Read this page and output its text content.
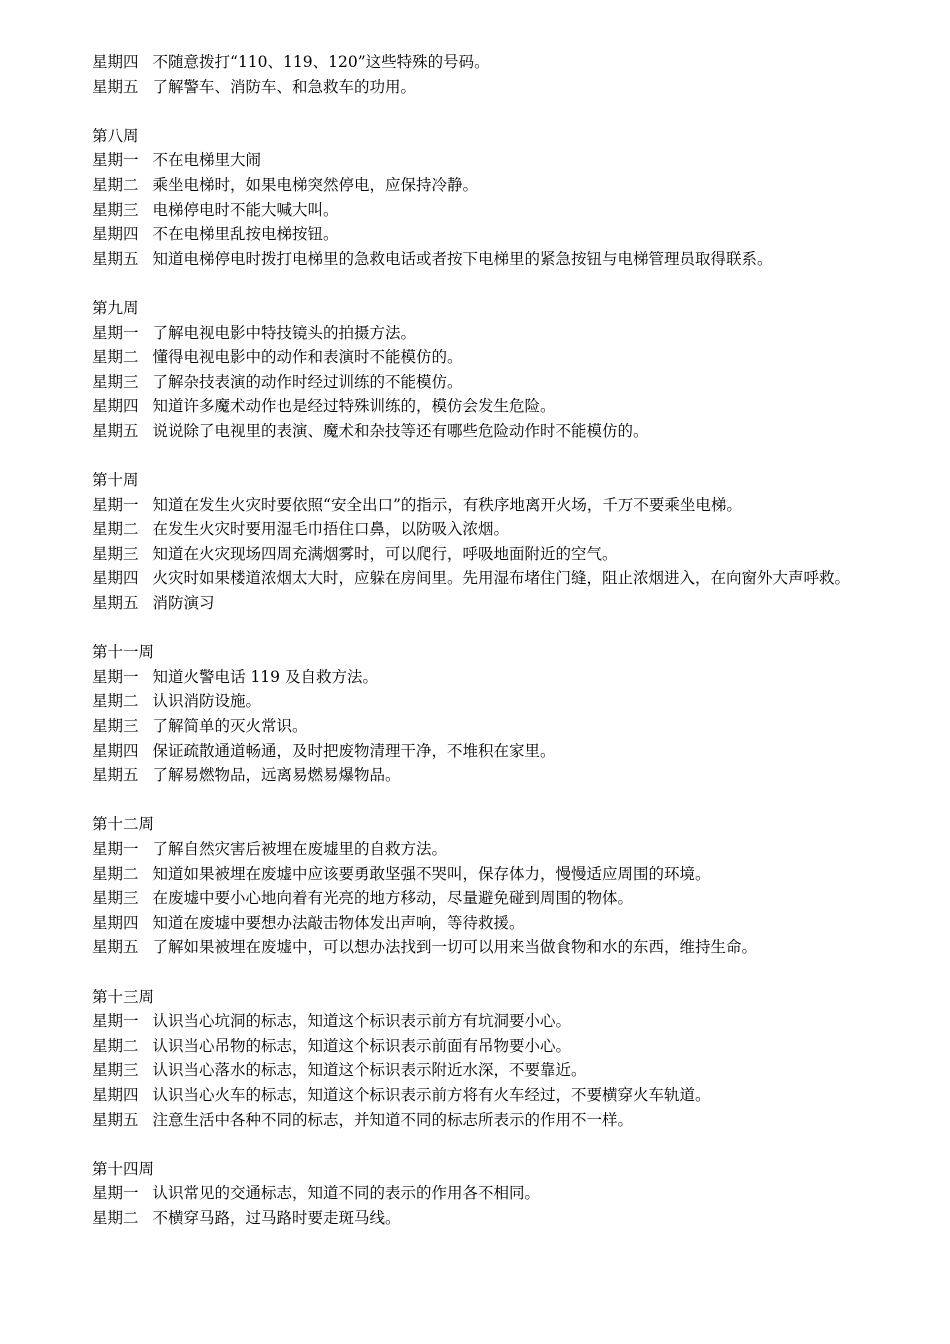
星期四 不随意拨打“110、119、120”这些特殊的号码。
星期五 了解警车、消防车、和急救车的功用。
第八周
星期一 不在电梯里大闹
星期二 乘坐电梯时，如果电梯突然停电，应保持冷静。
星期三 电梯停电时不能大喊大叫。
星期四 不在电梯里乱按电梯按钮。
星期五 知道电梯停电时拨打电梯里的急救电话或者按下电梯里的紧急按钮与电梯管理员取得联系。
第九周
星期一 了解电视电影中特技镜头的拍摄方法。
星期二 懂得电视电影中的动作和表演时不能模仿的。
星期三 了解杂技表演的动作时经过训练的不能模仿。
星期四 知道许多魔术动作也是经过特殊训练的，模仿会发生危险。
星期五 说说除了电视里的表演、魔术和杂技等还有哪些危险动作时不能模仿的。
第十周
星期一 知道在发生火灾时要依照“安全出口”的指示，有秩序地离开火场，千万不要乘坐电梯。
星期二 在发生火灾时要用湿毛巾捂住口鼻，以防吸入浓烟。
星期三 知道在火灾现场四周充满烟雾时，可以爬行，呼吸地面附近的空气。
星期四 火灾时如果楼道浓烟太大时，应躲在房间里。先用湿布堵住门缝，阻止浓烟进入，在向窗外大声呼救。
星期五 消防演习
第十一周
星期一 知道火警电话 119 及自救方法。
星期二 认识消防设施。
星期三 了解简单的灭火常识。
星期四 保证疏散通道畅通，及时把废物清理干净，不堆积在家里。
星期五 了解易燃物品，远离易燃易爆物品。
第十二周
星期一 了解自然灾害后被埋在废墟里的自救方法。
星期二 知道如果被埋在废墟中应该要勇敢坚强不哭叫，保存体力，慢慢适应周围的环境。
星期三 在废墟中要小心地向着有光亮的地方移动，尽量避免碰到周围的物体。
星期四 知道在废墟中要想办法敲击物体发出声响，等待救援。
星期五 了解如果被埋在废墟中，可以想办法找到一切可以用来当做食物和水的东西，维持生命。
第十三周
星期一 认识当心坑洞的标志，知道这个标识表示前方有坑洞要小心。
星期二 认识当心吊物的标志，知道这个标识表示前面有吊物要小心。
星期三 认识当心落水的标志，知道这个标识表示附近水深，不要靠近。
星期四 认识当心火车的标志，知道这个标识表示前方将有火车经过，不要横穿火车轨道。
星期五 注意生活中各种不同的标志，并知道不同的标志所表示的作用不一样。
第十四周
星期一 认识常见的交通标志，知道不同的表示的作用各不相同。
星期二 不横穿马路，过马路时要走斑马线。
